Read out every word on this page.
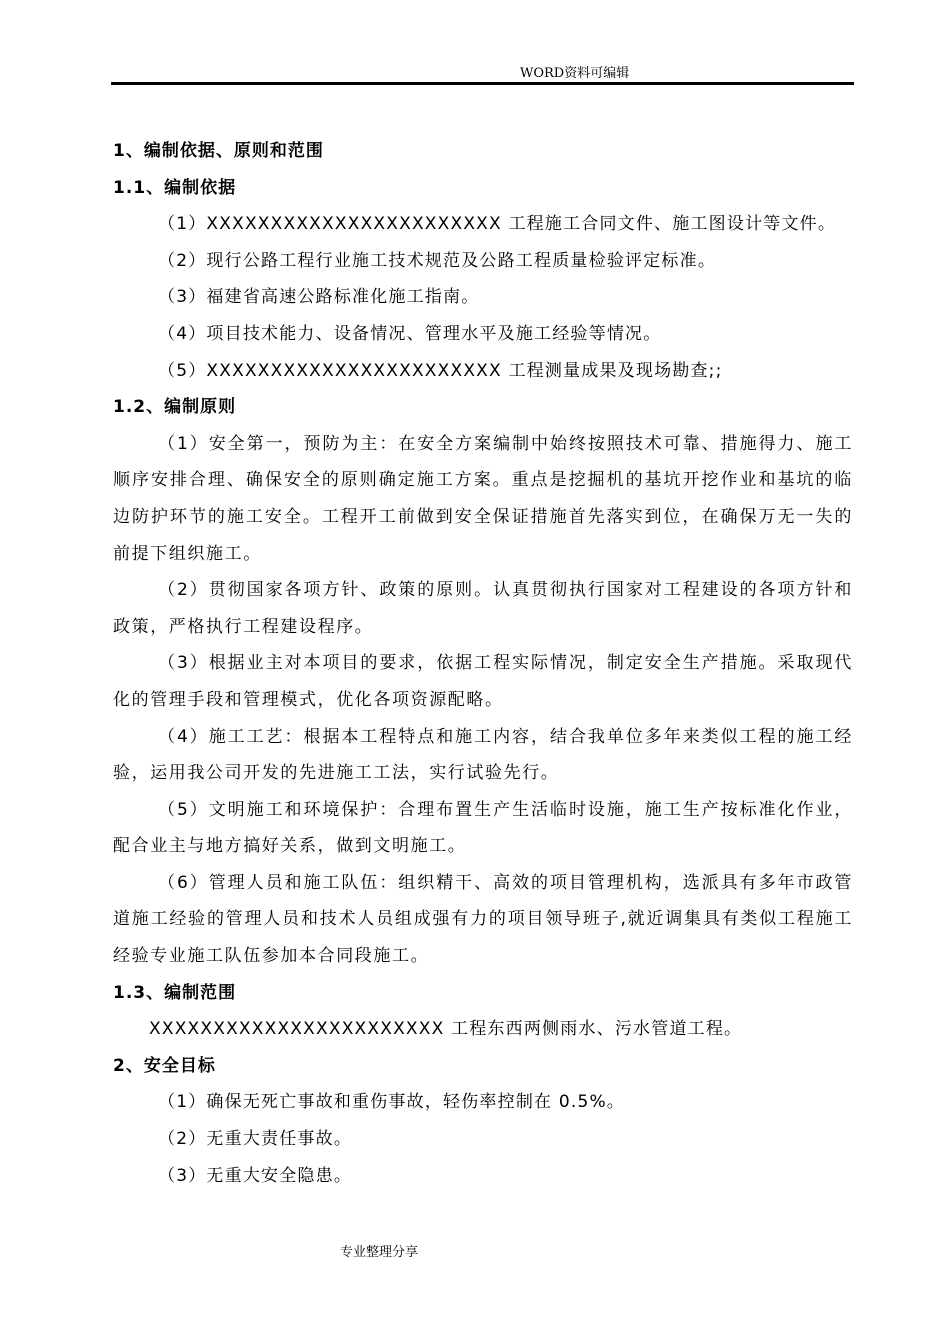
WORD资料可编辑

1、编制依据、原则和范围

1.1、编制依据

（1）XXXXXXXXXXXXXXXXXXXXXXX 工程施工合同文件、施工图设计等文件。

（2）现行公路工程行业施工技术规范及公路工程质量检验评定标准。

（3）福建省高速公路标准化施工指南。

（4）项目技术能力、设备情况、管理水平及施工经验等情况。

（5）XXXXXXXXXXXXXXXXXXXXXXX 工程测量成果及现场勘查;;

1.2、编制原则

（1）安全第一，预防为主：在安全方案编制中始终按照技术可靠、措施得力、施工顺序安排合理、确保安全的原则确定施工方案。重点是挖掘机的基坑开挖作业和基坑的临边防护环节的施工安全。工程开工前做到安全保证措施首先落实到位，在确保万无一失的前提下组织施工。

（2）贯彻国家各项方针、政策的原则。认真贯彻执行国家对工程建设的各项方针和政策，严格执行工程建设程序。

（3）根据业主对本项目的要求，依据工程实际情况，制定安全生产措施。采取现代化的管理手段和管理模式，优化各项资源配略。

（4）施工工艺：根据本工程特点和施工内容，结合我单位多年来类似工程的施工经验，运用我公司开发的先进施工工法，实行试验先行。

（5）文明施工和环境保护：合理布置生产生活临时设施，施工生产按标准化作业，配合业主与地方搞好关系，做到文明施工。

（6）管理人员和施工队伍：组织精干、高效的项目管理机构，选派具有多年市政管道施工经验的管理人员和技术人员组成强有力的项目领导班子,就近调集具有类似工程施工经验专业施工队伍参加本合同段施工。

1.3、编制范围

XXXXXXXXXXXXXXXXXXXXXXX 工程东西两侧雨水、污水管道工程。

2、安全目标

（1）确保无死亡事故和重伤事故，轻伤率控制在 0.5%。

（2）无重大责任事故。

（3）无重大安全隐患。

专业整理分享
